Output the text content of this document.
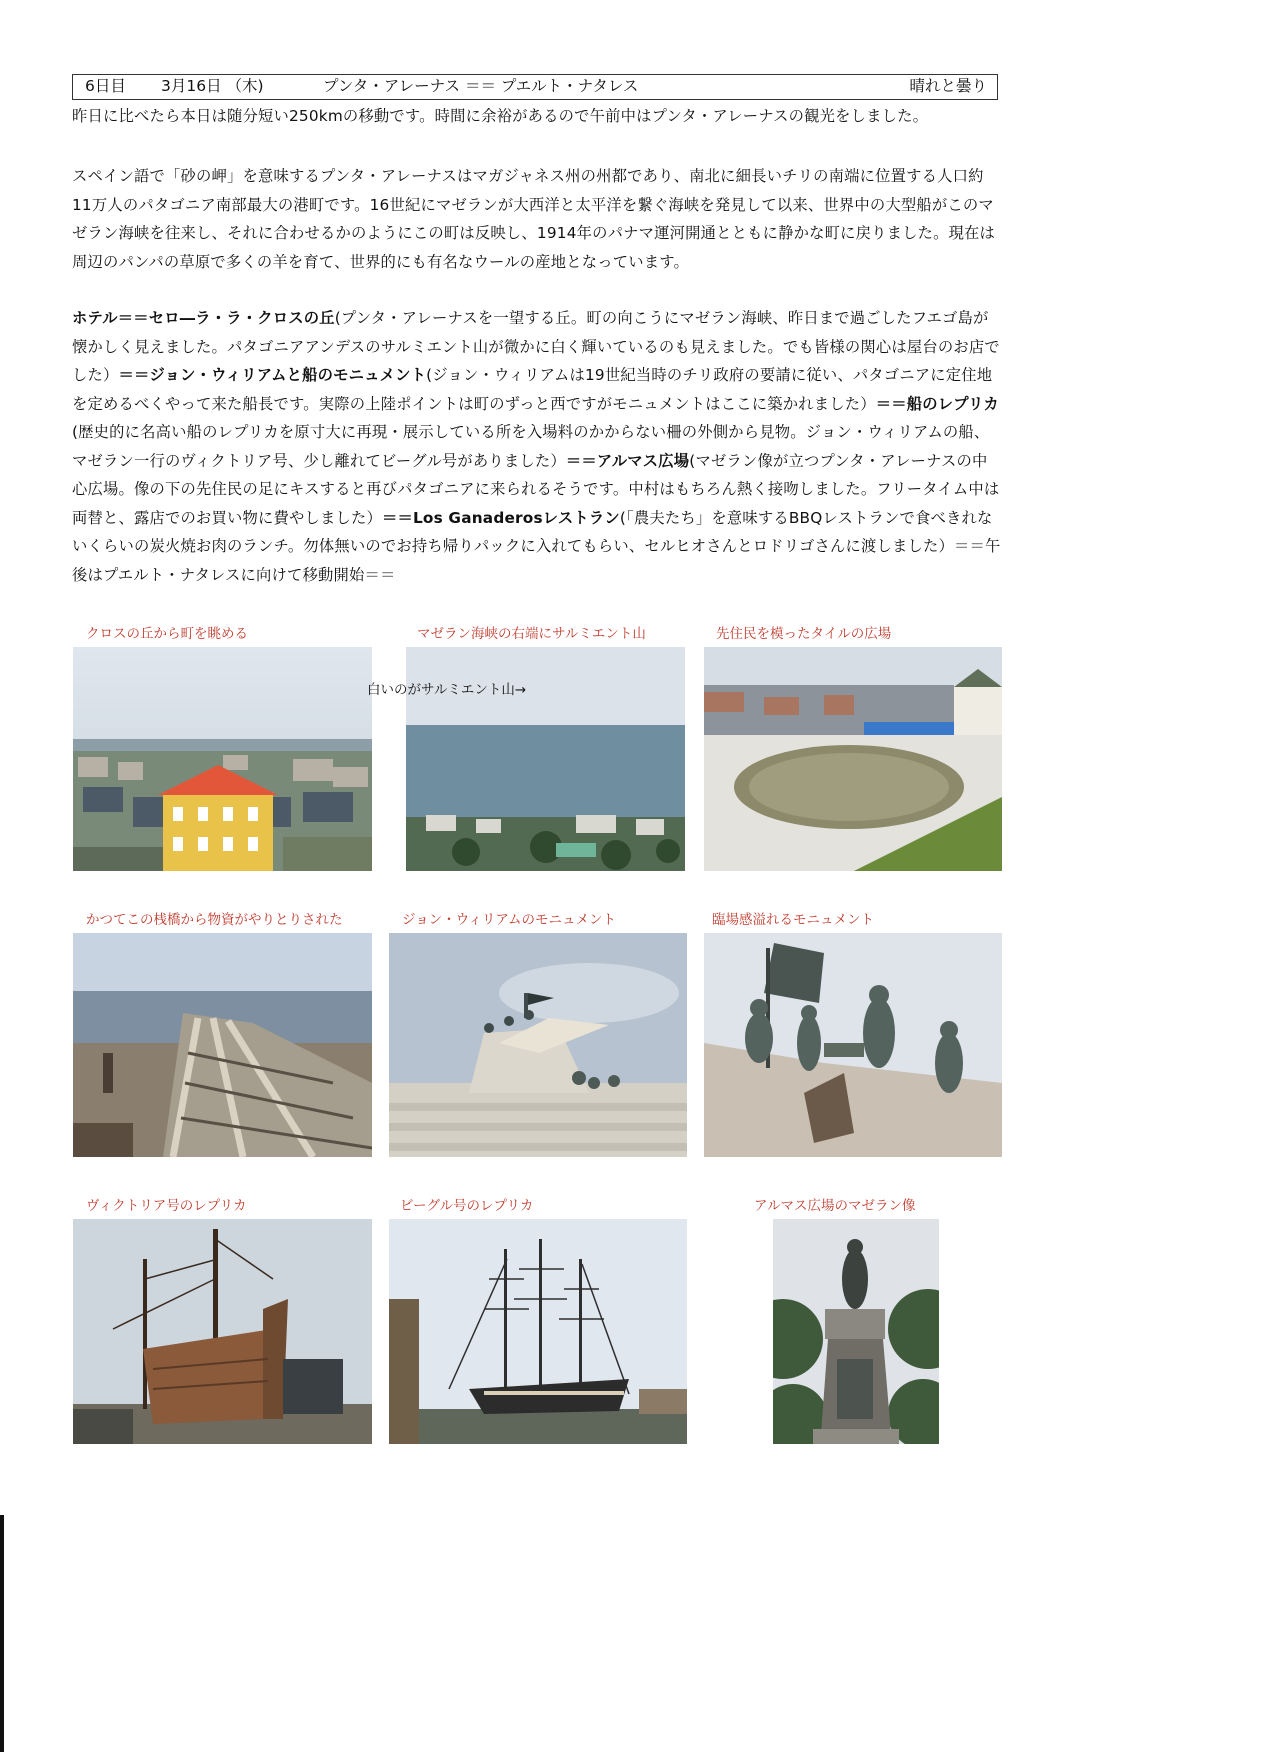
6日目 3月16日 （木)	プンタ・アレーナス ＝＝ プエルト・ナタレス	晴れと曇り

昨日に比べたら本日は随分短い250kmの移動です。時間に余裕があるので午前中はプンタ・アレーナスの観光をしました。

スペイン語で「砂の岬」を意味するプンタ・アレーナスはマガジャネス州の州都であり、南北に細長いチリの南端に位置する人口約11万人のパタゴニア南部最大の港町です。16世紀にマゼランが大西洋と太平洋を繋ぐ海峡を発見して以来、世界中の大型船がこのマゼラン海峡を往来し、それに合わせるかのようにこの町は反映し、1914年のパナマ運河開通とともに静かな町に戻りました。現在は周辺のパンパの草原で多くの羊を育て、世界的にも有名なウールの産地となっています。

ホテル＝＝セロ―ラ・ラ・クロスの丘(プンタ・アレーナスを一望する丘。町の向こうにマゼラン海峡、昨日まで過ごしたフエゴ島が懐かしく見えました。パタゴニアアンデスのサルミエント山が微かに白く輝いているのも見えました。でも皆様の関心は屋台のお店でした）＝＝ジョン・ウィリアムと船のモニュメント(ジョン・ウィリアムは19世紀当時のチリ政府の要請に従い、パタゴニアに定住地を定めるべくやって来た船長です。実際の上陸ポイントは町のずっと西ですがモニュメントはここに築かれました）＝＝船のレプリカ(歴史的に名高い船のレプリカを原寸大に再現・展示している所を入場料のかからない柵の外側から見物。ジョン・ウィリアムの船、マゼラン一行のヴィクトリア号、少し離れてビーグル号がありました）＝＝アルマス広場(マゼラン像が立つプンタ・アレーナスの中心広場。像の下の先住民の足にキスすると再びパタゴニアに来られるそうです。中村はもちろん熱く接吻しました。フリータイム中は両替と、露店でのお買い物に費やしました）＝＝Los Ganaderosレストラン(「農夫たち」を意味するBBQレストランで食べきれないくらいの炭火焼お肉のランチ。勿体無いのでお持ち帰りパックに入れてもらい、セルヒオさんとロドリゴさんに渡しました）＝＝午後はプエルト・ナタレスに向けて移動開始＝＝

クロスの丘から町を眺める	マゼラン海峡の右端にサルミエント山	先住民を模ったタイルの広場
白いのがサルミエント山→
かつてこの桟橋から物資がやりとりされた	ジョン・ウィリアムのモニュメント	臨場感溢れるモニュメント
ヴィクトリア号のレプリカ	ビーグル号のレプリカ	アルマス広場のマゼラン像
